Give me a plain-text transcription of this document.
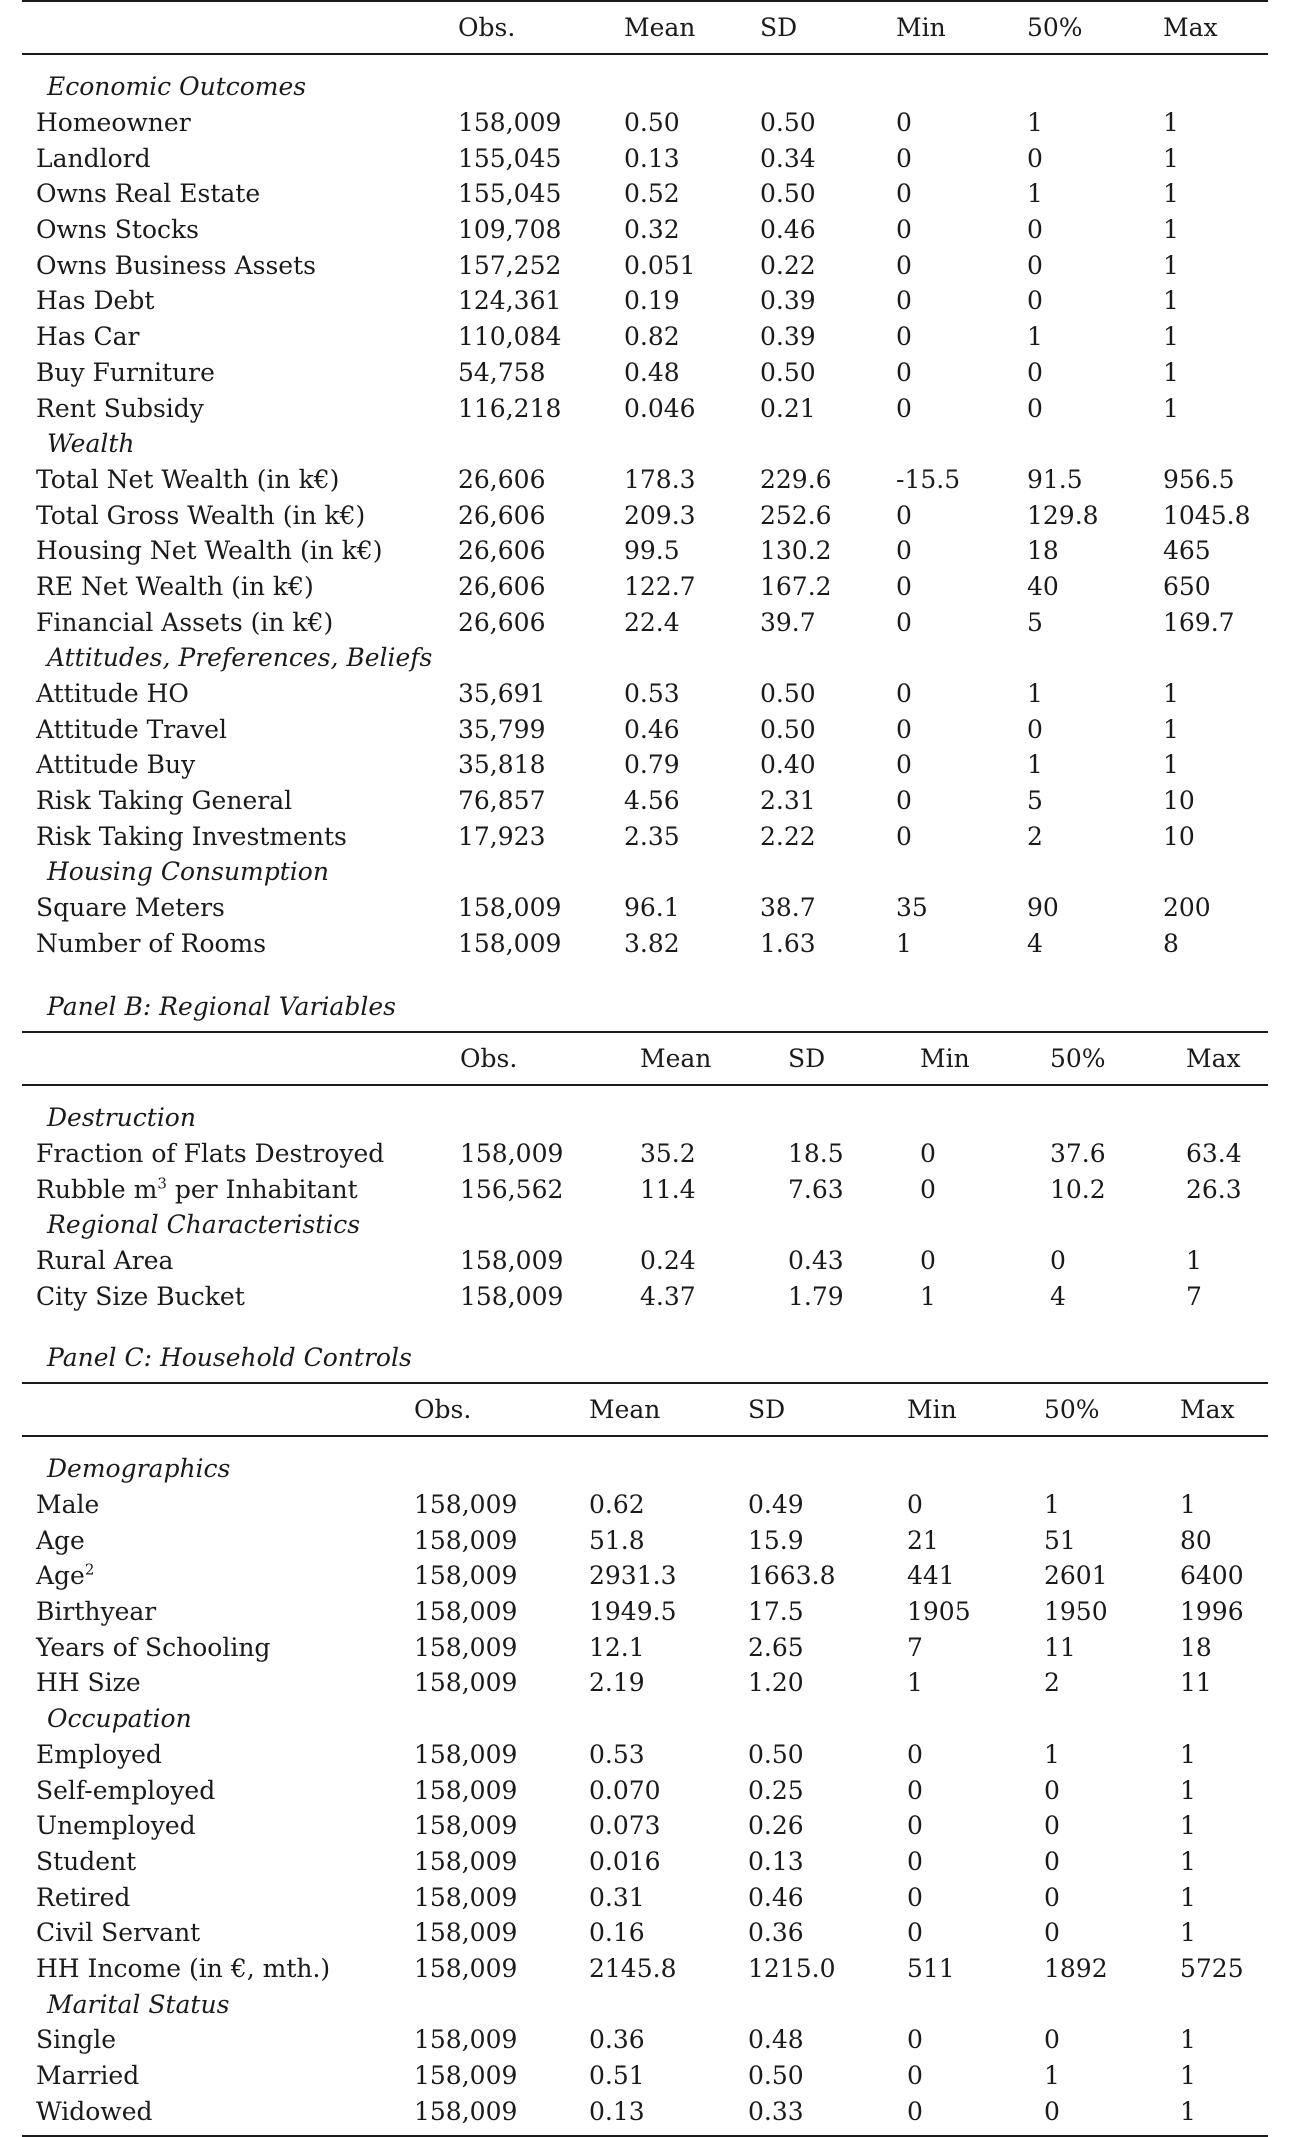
	Obs.	Mean	SD	Min	50%	Max

Economic Outcomes						
Homeowner	158,009	0.50	0.50	0	1	1
Landlord	155,045	0.13	0.34	0	0	1
Owns Real Estate	155,045	0.52	0.50	0	1	1
Owns Stocks	109,708	0.32	0.46	0	0	1
Owns Business Assets	157,252	0.051	0.22	0	0	1
Has Debt	124,361	0.19	0.39	0	0	1
Has Car	110,084	0.82	0.39	0	1	1
Buy Furniture	54,758	0.48	0.50	0	0	1
Rent Subsidy	116,218	0.046	0.21	0	0	1
Wealth						
Total Net Wealth (in k€)	26,606	178.3	229.6	-15.5	91.5	956.5
Total Gross Wealth (in k€)	26,606	209.3	252.6	0	129.8	1045.8
Housing Net Wealth (in k€)	26,606	99.5	130.2	0	18	465
RE Net Wealth (in k€)	26,606	122.7	167.2	0	40	650
Financial Assets (in k€)	26,606	22.4	39.7	0	5	169.7
Attitudes, Preferences, Beliefs						
Attitude HO	35,691	0.53	0.50	0	1	1
Attitude Travel	35,799	0.46	0.50	0	0	1
Attitude Buy	35,818	0.79	0.40	0	1	1
Risk Taking General	76,857	4.56	2.31	0	5	10
Risk Taking Investments	17,923	2.35	2.22	0	2	10
Housing Consumption						
Square Meters	158,009	96.1	38.7	35	90	200
Number of Rooms	158,009	3.82	1.63	1	4	8

Panel B: Regional Variables
	Obs.	Mean	SD	Min	50%	Max

Destruction						
Fraction of Flats Destroyed	158,009	35.2	18.5	0	37.6	63.4
Rubble $m^3$ per Inhabitant	156,562	11.4	7.63	0	10.2	26.3
Regional Characteristics						
Rural Area	158,009	0.24	0.43	0	0	1
City Size Bucket	158,009	4.37	1.79	1	4	7

Panel C: Household Controls
	Obs.	Mean	SD	Min	50%	Max

Demographics						
Male	158,009	0.62	0.49	0	1	1
Age	158,009	51.8	15.9	21	51	80
Age$^2$	158,009	2931.3	1663.8	441	2601	6400
Birthyear	158,009	1949.5	17.5	1905	1950	1996
Years of Schooling	158,009	12.1	2.65	7	11	18
HH Size	158,009	2.19	1.20	1	2	11
Occupation						
Employed	158,009	0.53	0.50	0	1	1
Self-employed	158,009	0.070	0.25	0	0	1
Unemployed	158,009	0.073	0.26	0	0	1
Student	158,009	0.016	0.13	0	0	1
Retired	158,009	0.31	0.46	0	0	1
Civil Servant	158,009	0.16	0.36	0	0	1
HH Income (in €, mth.)	158,009	2145.8	1215.0	511	1892	5725
Marital Status						
Single	158,009	0.36	0.48	0	0	1
Married	158,009	0.51	0.50	0	1	1
Widowed	158,009	0.13	0.33	0	0	1
